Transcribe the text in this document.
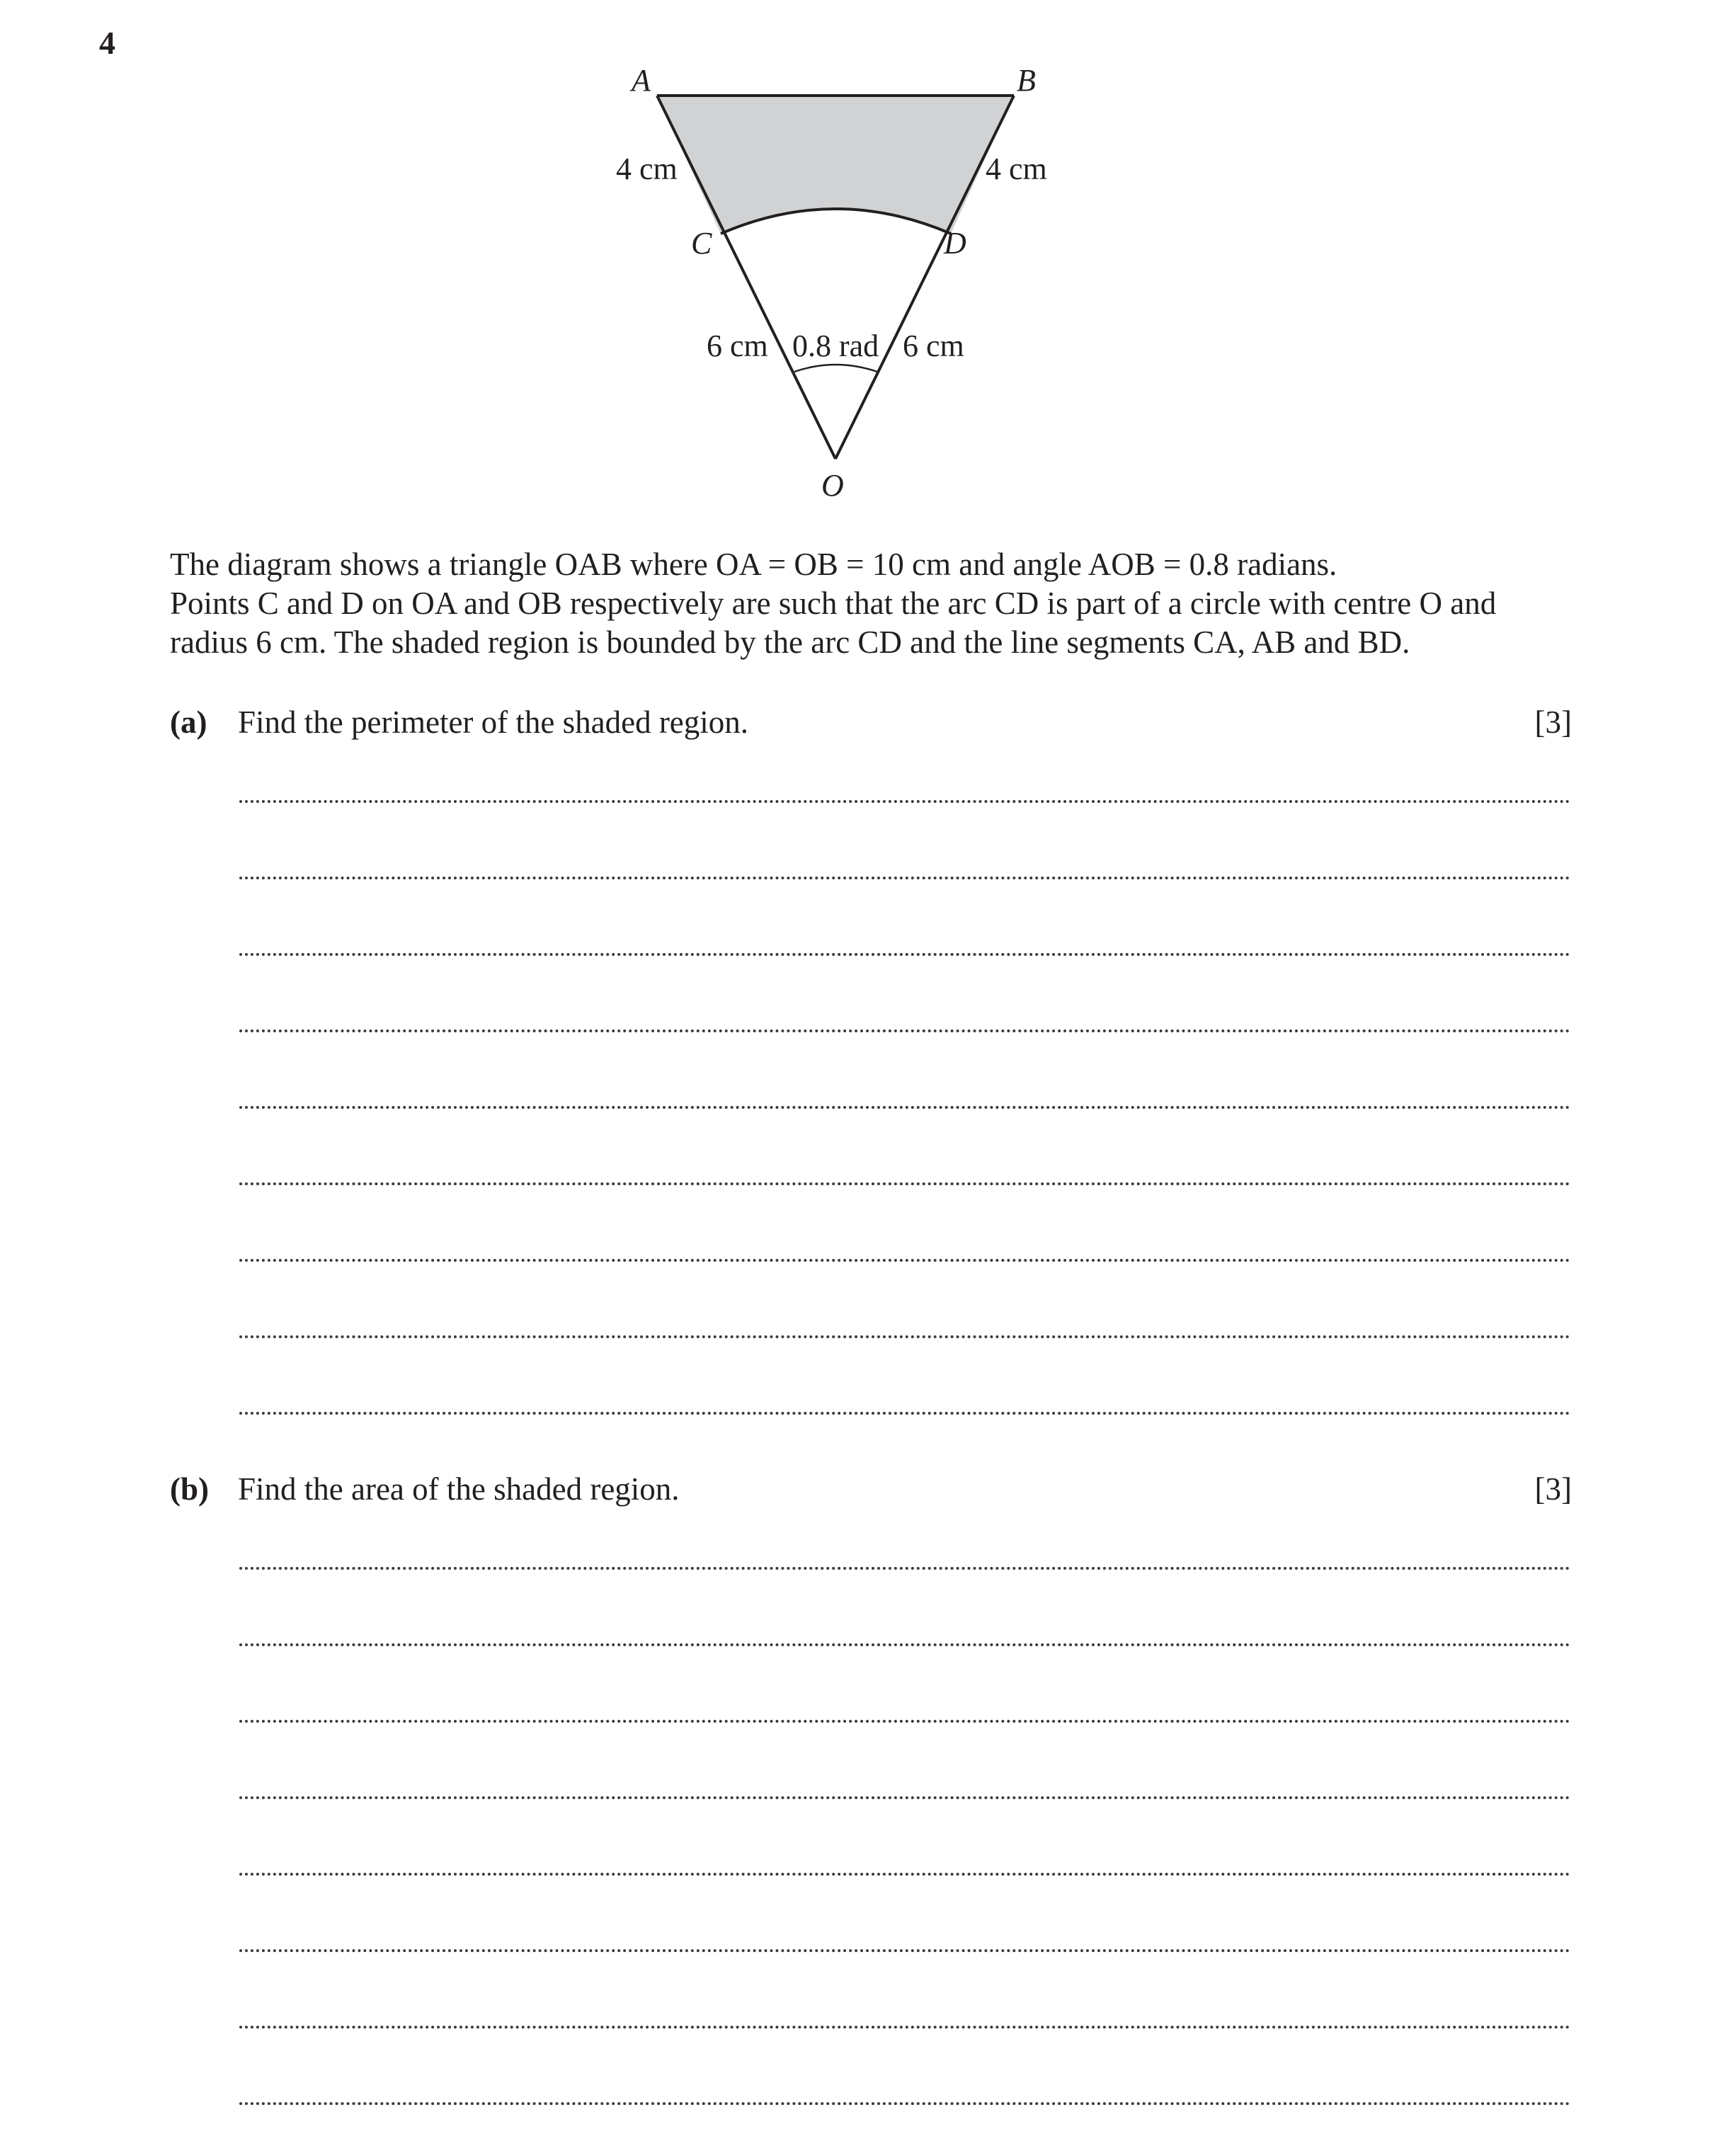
4
A	B
C	D
O
4 cm	4 cm
6 cm 0.8 rad 6 cm

The diagram shows a triangle OAB where OA = OB = 10 cm and angle AOB = 0.8 radians.

Points C and D on OA and OB respectively are such that the arc CD is part of a circle with centre O and

radius 6 cm. The shaded region is bounded by the arc CD and the line segments CA, AB and BD.

(a) Find the perimeter of the shaded region.	[3]
(b) Find the area of the shaded region.	[3]
